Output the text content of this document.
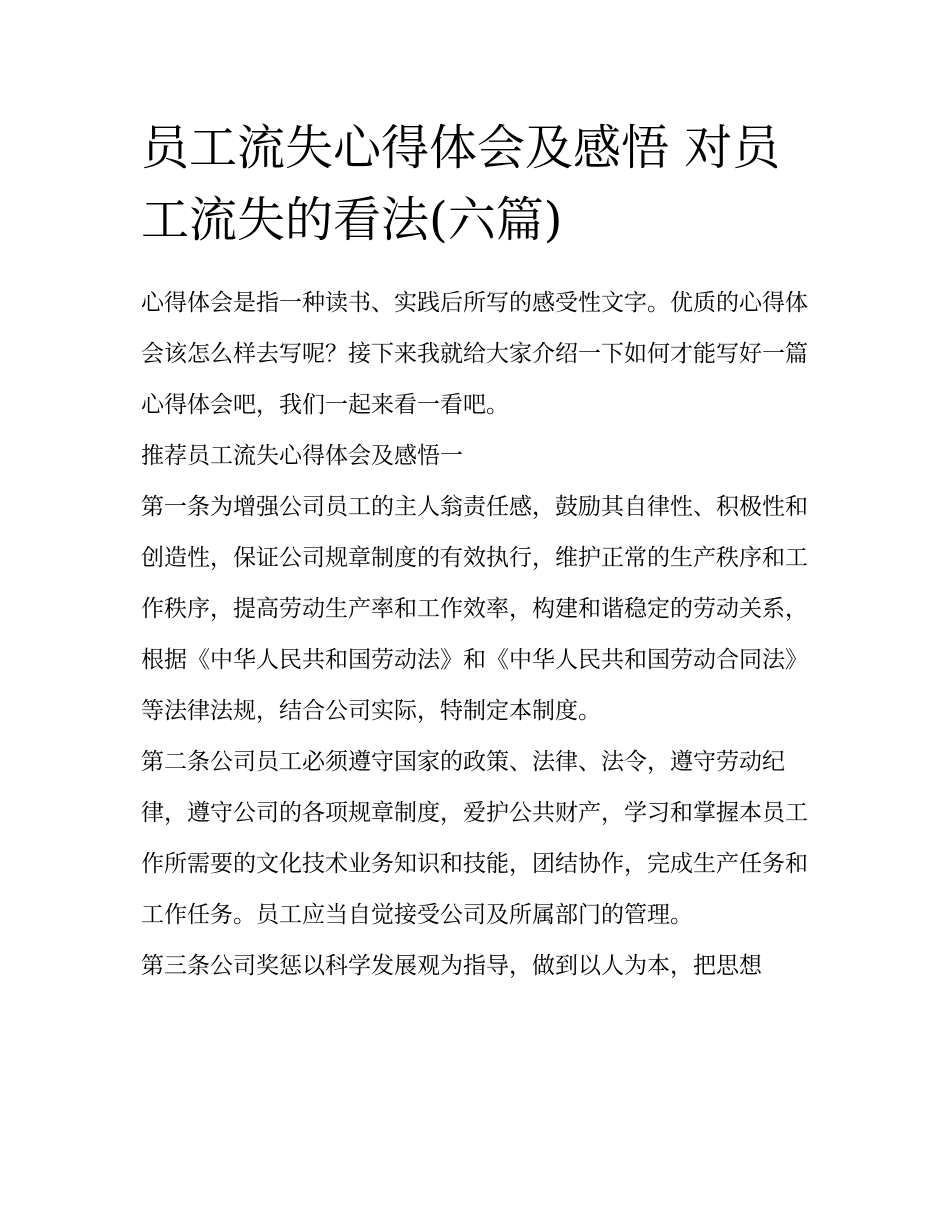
员工流失心得体会及感悟 对员工流失的看法(六篇)

心得体会是指一种读书、实践后所写的感受性文字。优质的心得体会该怎么样去写呢？接下来我就给大家介绍一下如何才能写好一篇心得体会吧，我们一起来看一看吧。

推荐员工流失心得体会及感悟一

第一条为增强公司员工的主人翁责任感，鼓励其自律性、积极性和创造性，保证公司规章制度的有效执行，维护正常的生产秩序和工作秩序，提高劳动生产率和工作效率，构建和谐稳定的劳动关系，根据《中华人民共和国劳动法》和《中华人民共和国劳动合同法》等法律法规，结合公司实际，特制定本制度。

第二条公司员工必须遵守国家的政策、法律、法令，遵守劳动纪律，遵守公司的各项规章制度，爱护公共财产，学习和掌握本员工作所需要的文化技术业务知识和技能，团结协作，完成生产任务和工作任务。员工应当自觉接受公司及所属部门的管理。

第三条公司奖惩以科学发展观为指导，做到以人为本，把思想
